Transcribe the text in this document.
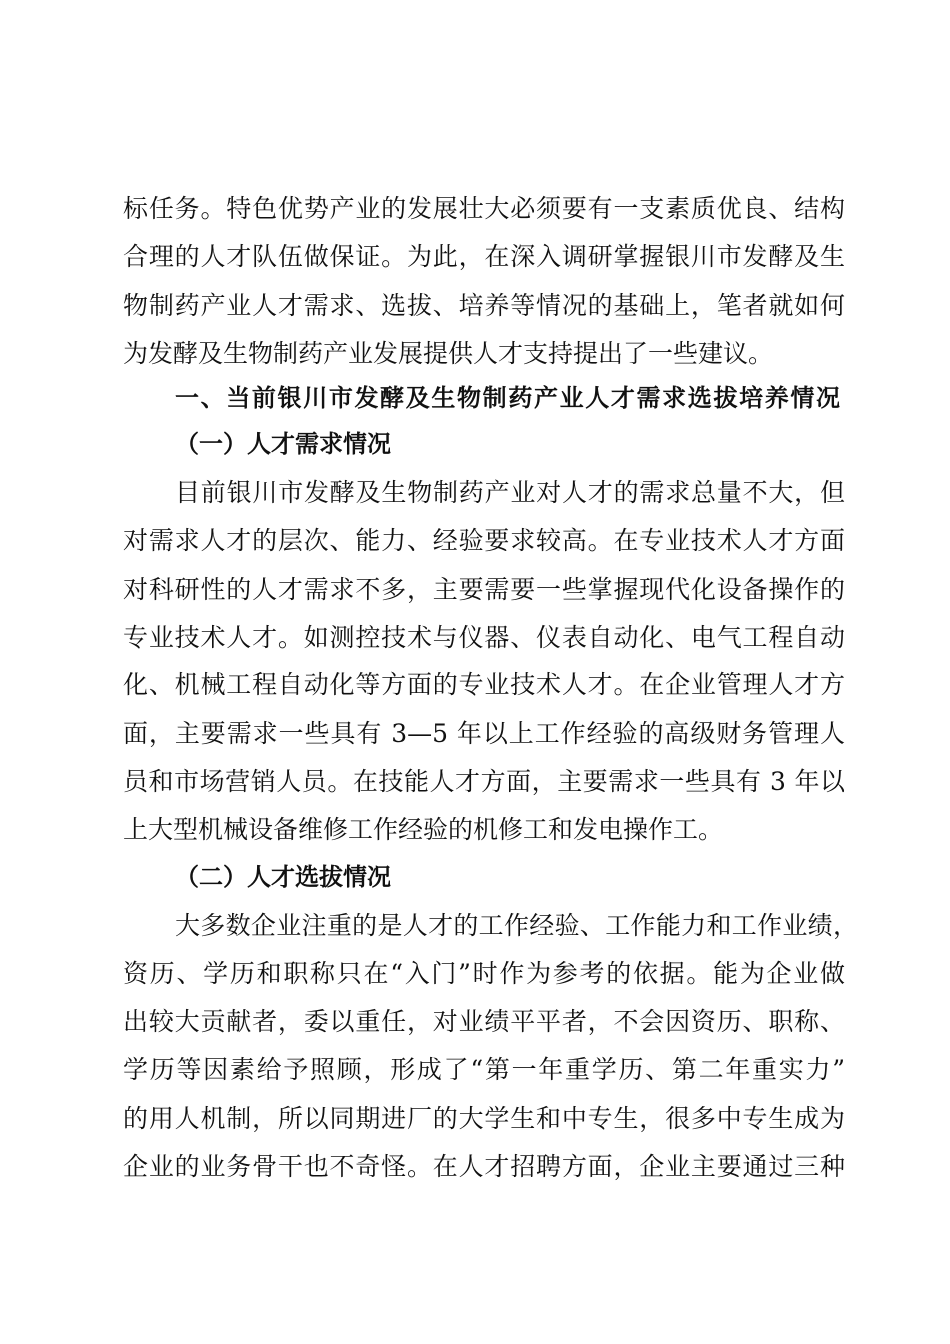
标任务。特色优势产业的发展壮大必须要有一支素质优良、结构
合理的人才队伍做保证。为此，在深入调研掌握银川市发酵及生
物制药产业人才需求、选拔、培养等情况的基础上，笔者就如何
为发酵及生物制药产业发展提供人才支持提出了一些建议。
一、当前银川市发酵及生物制药产业人才需求选拔培养情况
（一）人才需求情况
目前银川市发酵及生物制药产业对人才的需求总量不大，但
对需求人才的层次、能力、经验要求较高。在专业技术人才方面
对科研性的人才需求不多，主要需要一些掌握现代化设备操作的
专业技术人才。如测控技术与仪器、仪表自动化、电气工程自动
化、机械工程自动化等方面的专业技术人才。在企业管理人才方
面，主要需求一些具有 3—5 年以上工作经验的高级财务管理人
员和市场营销人员。在技能人才方面，主要需求一些具有 3 年以
上大型机械设备维修工作经验的机修工和发电操作工。
（二）人才选拔情况
大多数企业注重的是人才的工作经验、工作能力和工作业绩，
资历、学历和职称只在“入门”时作为参考的依据。能为企业做
出较大贡献者，委以重任，对业绩平平者，不会因资历、职称、
学历等因素给予照顾，形成了“第一年重学历、第二年重实力”
的用人机制，所以同期进厂的大学生和中专生，很多中专生成为
企业的业务骨干也不奇怪。在人才招聘方面，企业主要通过三种
